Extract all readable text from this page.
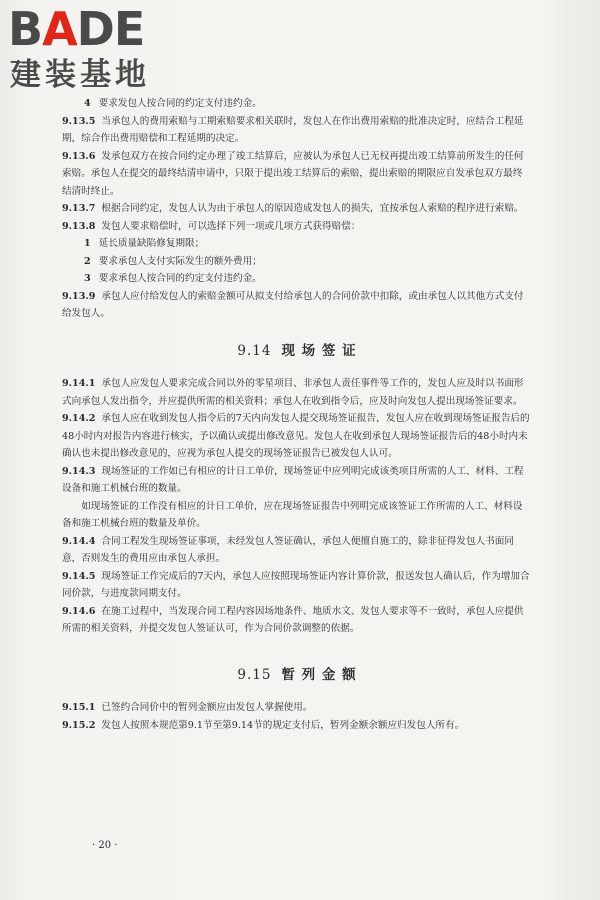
BADE
建装基地

4 要求发包人按合同的约定支付违约金。

9.13.5 当承包人的费用索赔与工期索赔要求相关联时，发包人在作出费用索赔的批准决定时，应结合工程延期，综合作出费用赔偿和工程延期的决定。

9.13.6 发承包双方在按合同约定办理了竣工结算后，应被认为承包人已无权再提出竣工结算前所发生的任何索赔。承包人在提交的最终结清申请中，只限于提出竣工结算后的索赔，提出索赔的期限应自发承包双方最终结清时终止。

9.13.7 根据合同约定，发包人认为由于承包人的原因造成发包人的损失，宜按承包人索赔的程序进行索赔。

9.13.8 发包人要求赔偿时，可以选择下列一项或几项方式获得赔偿：

1 延长质量缺陷修复期限；

2 要求承包人支付实际发生的额外费用；

3 要求承包人按合同的约定支付违约金。

9.13.9 承包人应付给发包人的索赔金额可从拟支付给承包人的合同价款中扣除，或由承包人以其他方式支付给发包人。

9.14 现 场 签 证

9.14.1 承包人应发包人要求完成合同以外的零星项目、非承包人责任事件等工作的，发包人应及时以书面形式向承包人发出指令，并应提供所需的相关资料；承包人在收到指令后，应及时向发包人提出现场签证要求。

9.14.2 承包人应在收到发包人指令后的7天内向发包人提交现场签证报告，发包人应在收到现场签证报告后的48小时内对报告内容进行核实，予以确认或提出修改意见。发包人在收到承包人现场签证报告后的48小时内未确认也未提出修改意见的，应视为承包人提交的现场签证报告已被发包人认可。

9.14.3 现场签证的工作如已有相应的计日工单价，现场签证中应列明完成该类项目所需的人工、材料、工程设备和施工机械台班的数量。

如现场签证的工作没有相应的计日工单价，应在现场签证报告中列明完成该签证工作所需的人工、材料设备和施工机械台班的数量及单价。

9.14.4 合同工程发生现场签证事项，未经发包人签证确认，承包人便擅自施工的，除非征得发包人书面同意，否则发生的费用应由承包人承担。

9.14.5 现场签证工作完成后的7天内，承包人应按照现场签证内容计算价款，报送发包人确认后，作为增加合同价款，与进度款同期支付。

9.14.6 在施工过程中，当发现合同工程内容因场地条件、地质水文、发包人要求等不一致时，承包人应提供所需的相关资料，并提交发包人签证认可，作为合同价款调整的依据。

9.15 暂 列 金 额

9.15.1 已签约合同价中的暂列金额应由发包人掌握使用。

9.15.2 发包人按照本规范第9.1节至第9.14节的规定支付后，暂列金额余额应归发包人所有。

· 20 ·
